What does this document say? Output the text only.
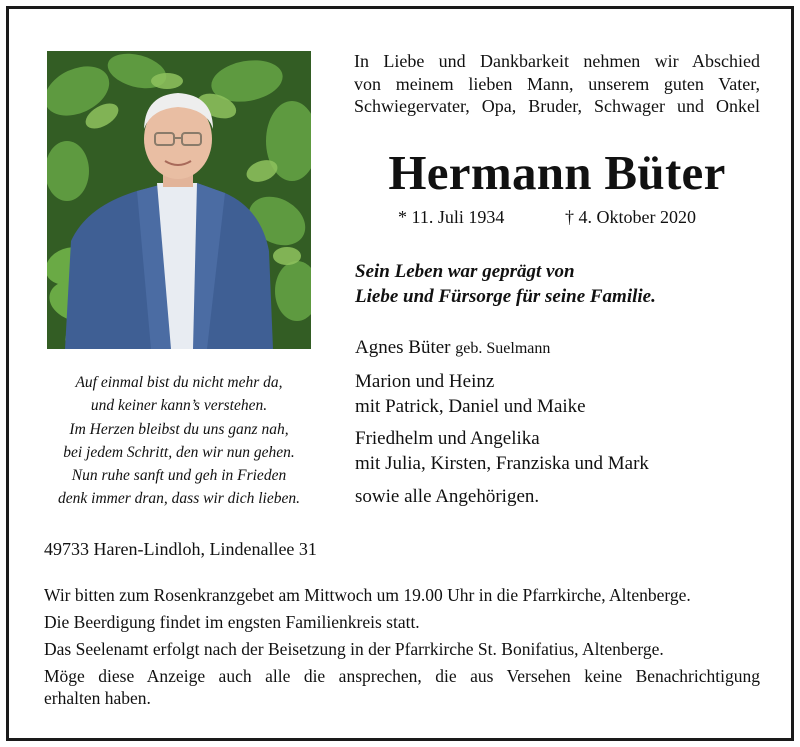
Auf einmal bist du nicht mehr da,
und keiner kann’s verstehen.
Im Herzen bleibst du uns ganz nah,
bei jedem Schritt, den wir nun gehen.
Nun ruhe sanft und geh in Frieden
denk immer dran, dass wir dich lieben.
In Liebe und Dankbarkeit nehmen wir Abschied
von meinem lieben Mann, unserem guten Vater,
Schwiegervater, Opa, Bruder, Schwager und Onkel
Hermann Büter
* 11. Juli 1934	† 4. Oktober 2020
Sein Leben war geprägt von
Liebe und Fürsorge für seine Familie.
Agnes Büter geb. Suelmann
Marion und Heinz
mit Patrick, Daniel und Maike
Friedhelm und Angelika
mit Julia, Kirsten, Franziska und Mark
sowie alle Angehörigen.
49733 Haren-Lindloh, Lindenallee 31

Wir bitten zum Rosenkranzgebet am Mittwoch um 19.00 Uhr in die Pfarrkirche, Altenberge.

Die Beerdigung findet im engsten Familienkreis statt.

Das Seelenamt erfolgt nach der Beisetzung in der Pfarrkirche St. Bonifatius, Altenberge.

Möge diese Anzeige auch alle die ansprechen, die aus Versehen keine Benachrichtigung
erhalten haben.
